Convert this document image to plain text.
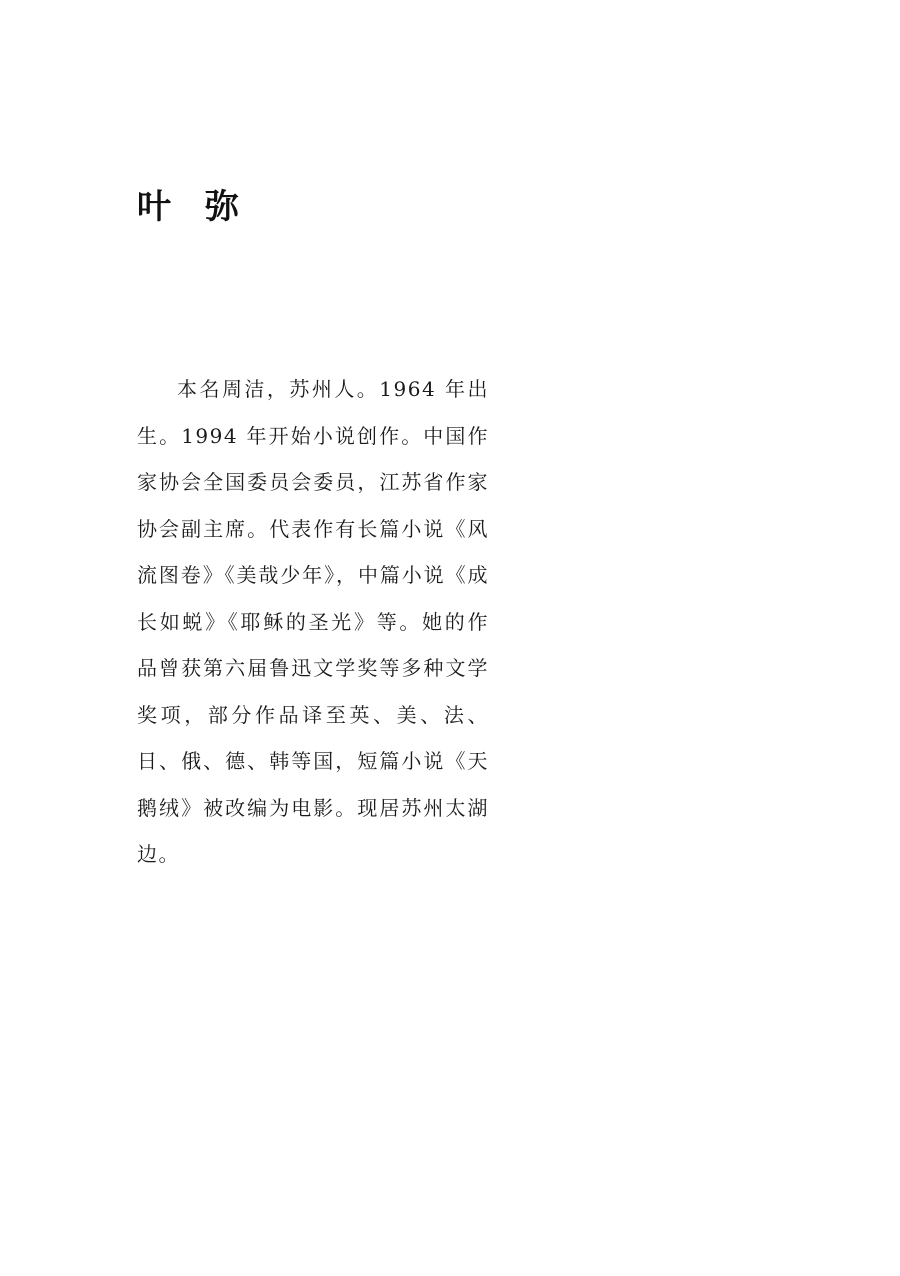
叶弥

本名周洁，苏州人。1964 年出生。1994 年开始小说创作。中国作家协会全国委员会委员，江苏省作家协会副主席。代表作有长篇小说《风流图卷》《美哉少年》，中篇小说《成长如蜕》《耶稣的圣光》等。她的作品曾获第六届鲁迅文学奖等多种文学奖项，部分作品译至英、美、法、日、俄、德、韩等国，短篇小说《天鹅绒》被改编为电影。现居苏州太湖边。
